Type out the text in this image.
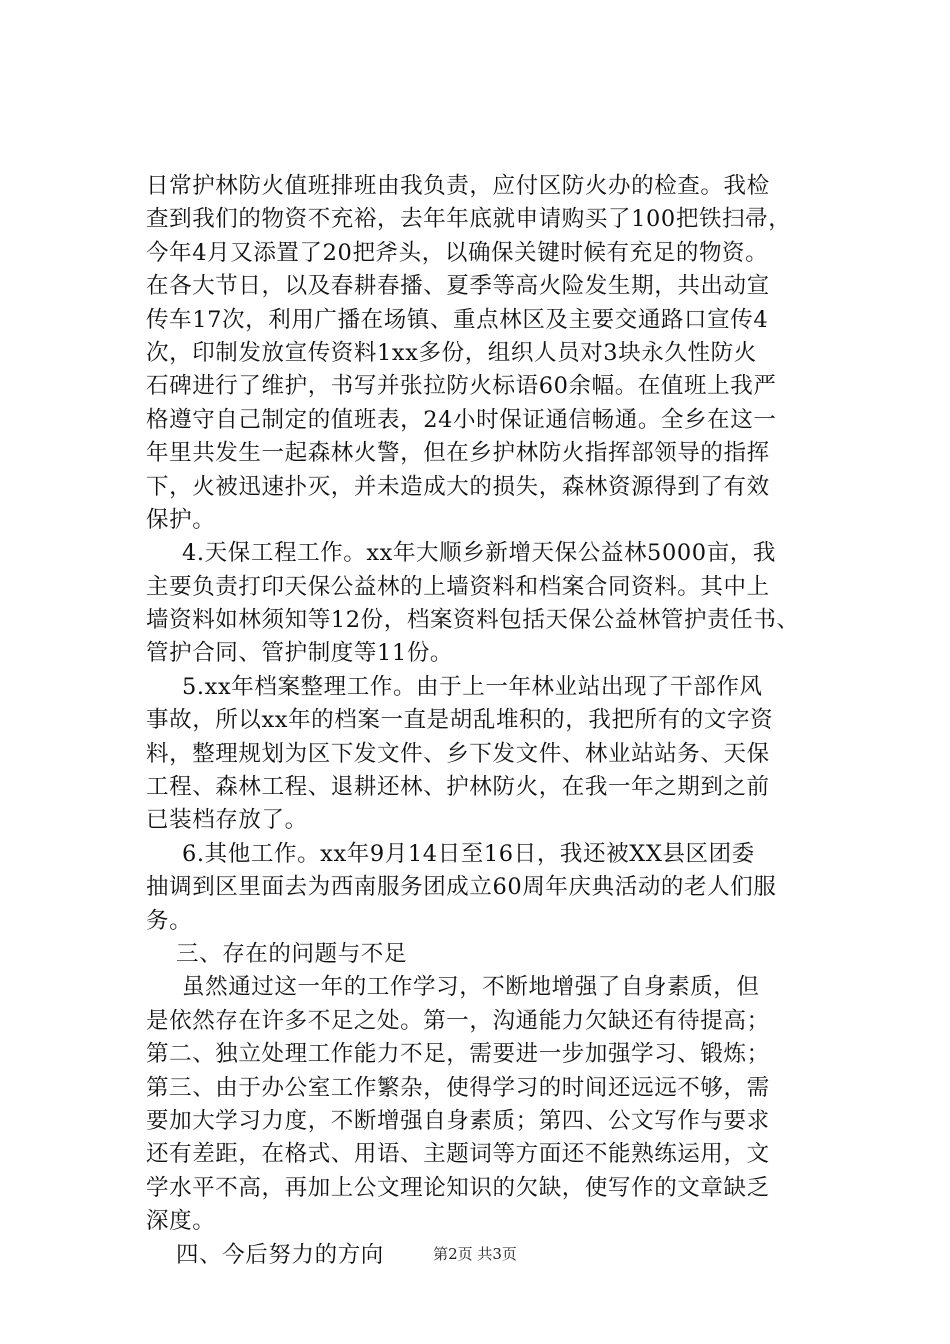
日常护林防火值班排班由我负责，应付区防火办的检查。我检
查到我们的物资不充裕，去年年底就申请购买了100把铁扫帚，
今年4月又添置了20把斧头，以确保关键时候有充足的物资。
在各大节日，以及春耕春播、夏季等高火险发生期，共出动宣
传车17次，利用广播在场镇、重点林区及主要交通路口宣传4
次，印制发放宣传资料1xx多份，组织人员对3块永久性防火
石碑进行了维护，书写并张拉防火标语60余幅。在值班上我严
格遵守自己制定的值班表，24小时保证通信畅通。全乡在这一
年里共发生一起森林火警，但在乡护林防火指挥部领导的指挥
下，火被迅速扑灭，并未造成大的损失，森林资源得到了有效
保护。
4.天保工程工作。xx年大顺乡新增天保公益林5000亩，我
主要负责打印天保公益林的上墙资料和档案合同资料。其中上
墙资料如林须知等12份，档案资料包括天保公益林管护责任书、
管护合同、管护制度等11份。
5.xx年档案整理工作。由于上一年林业站出现了干部作风
事故，所以xx年的档案一直是胡乱堆积的，我把所有的文字资
料，整理规划为区下发文件、乡下发文件、林业站站务、天保
工程、森林工程、退耕还林、护林防火，在我一年之期到之前
已装档存放了。
6.其他工作。xx年9月14日至16日，我还被XX县区团委
抽调到区里面去为西南服务团成立60周年庆典活动的老人们服
务。
三、存在的问题与不足
虽然通过这一年的工作学习，不断地增强了自身素质，但
是依然存在许多不足之处。第一，沟通能力欠缺还有待提高；
第二、独立处理工作能力不足，需要进一步加强学习、锻炼；
第三、由于办公室工作繁杂，使得学习的时间还远远不够，需
要加大学习力度，不断增强自身素质；第四、公文写作与要求
还有差距，在格式、用语、主题词等方面还不能熟练运用，文
学水平不高，再加上公文理论知识的欠缺，使写作的文章缺乏
深度。
四、今后努力的方向	第2页 共3页
